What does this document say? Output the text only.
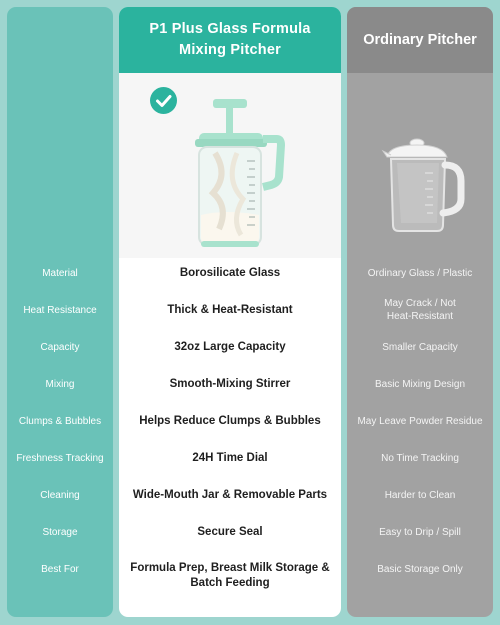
Material
Heat Resistance
Capacity
Mixing
Clumps & Bubbles
Freshness Tracking
Cleaning
Storage
Best For
P1 Plus Glass Formula Mixing Pitcher
Borosilicate Glass
Thick & Heat-Resistant
32oz Large Capacity
Smooth-Mixing Stirrer
Helps Reduce Clumps & Bubbles
24H Time Dial
Wide-Mouth Jar & Removable Parts
Secure Seal
Formula Prep, Breast Milk Storage & Batch Feeding
Ordinary Pitcher
Ordinary Glass / Plastic
May Crack / Not Heat-Resistant
Smaller Capacity
Basic Mixing Design
May Leave Powder Residue
No Time Tracking
Harder to Clean
Easy to Drip / Spill
Basic Storage Only
